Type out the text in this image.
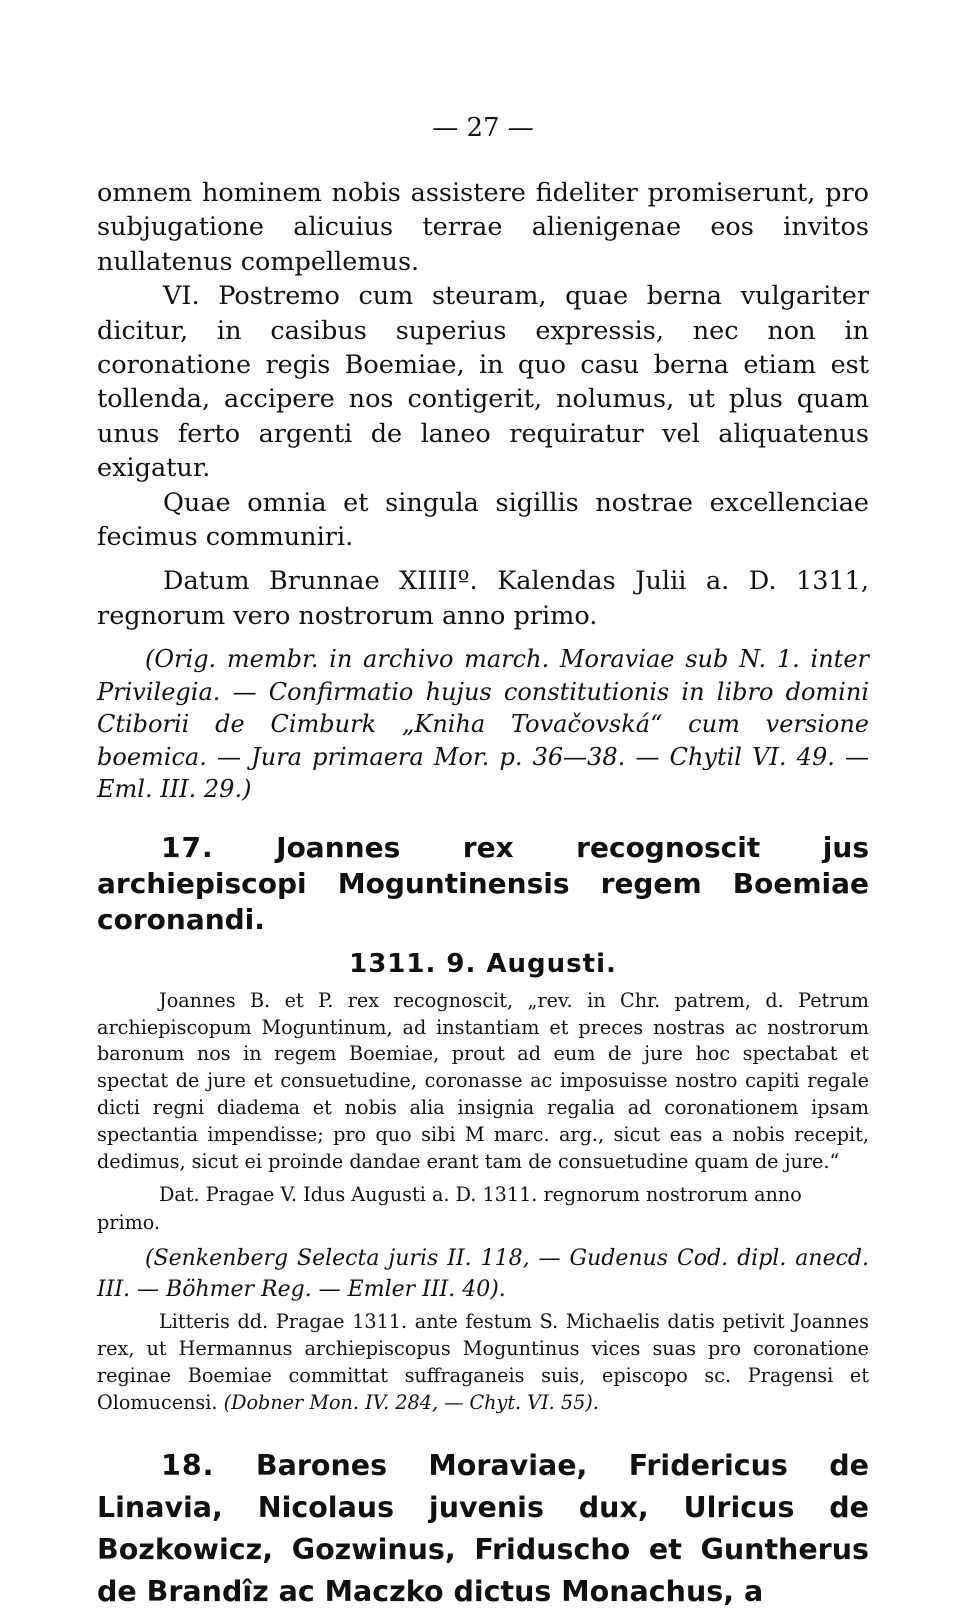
— 27 —

omnem hominem nobis assistere fideliter promiserunt, pro subjugatione alicuius terrae alienigenae eos invitos nullatenus compellemus.

VI. Postremo cum steuram, quae berna vulgariter dicitur, in casibus superius expressis, nec non in coronatione regis Boemiae, in quo casu berna etiam est tollenda, accipere nos contigerit, nolumus, ut plus quam unus ferto argenti de laneo requiratur vel aliquatenus exigatur.

Quae omnia et singula sigillis nostrae excellenciae fecimus communiri.

Datum Brunnae XIIIIº. Kalendas Julii a. D. 1311, regnorum vero nostrorum anno primo.

(Orig. membr. in archivo march. Moraviae sub N. 1. inter Privilegia. — Confirmatio hujus constitutionis in libro domini Ctiborii de Cimburk „Kniha Tovačovská“ cum versione boemica. — Jura primaera Mor. p. 36—38. — Chytil VI. 49. — Eml. III. 29.)

17. Joannes rex recognoscit jus archiepiscopi Moguntinensis regem Boemiae coronandi.
1311. 9. Augusti.

Joannes B. et P. rex recognoscit, „rev. in Chr. patrem, d. Petrum archiepiscopum Moguntinum, ad instantiam et preces nostras ac nostrorum baronum nos in regem Boemiae, prout ad eum de jure hoc spectabat et spectat de jure et consuetudine, coronasse ac imposuisse nostro capiti regale dicti regni diadema et nobis alia insignia regalia ad coronationem ipsam spectantia impendisse; pro quo sibi M marc. arg., sicut eas a nobis recepit, dedimus, sicut ei proinde dandae erant tam de consuetudine quam de jure.“

Dat. Pragae V. Idus Augusti a. D. 1311. regnorum nostrorum anno primo.

(Senkenberg Selecta juris II. 118, — Gudenus Cod. dipl. anecd. III. — Böhmer Reg. — Emler III. 40).

Litteris dd. Pragae 1311. ante festum S. Michaelis datis petivit Joannes rex, ut Hermannus archiepiscopus Moguntinus vices suas pro coronatione reginae Boemiae committat suffraganeis suis, episcopo sc. Pragensi et Olomucensi. (Dobner Mon. IV. 284, — Chyt. VI. 55).

18. Barones Moraviae, Fridericus de Linavia, Nicolaus juvenis dux, Ulricus de Bozkowicz, Gozwinus, Friduscho et Guntherus de Brandîz ac Maczko dictus Monachus, a
